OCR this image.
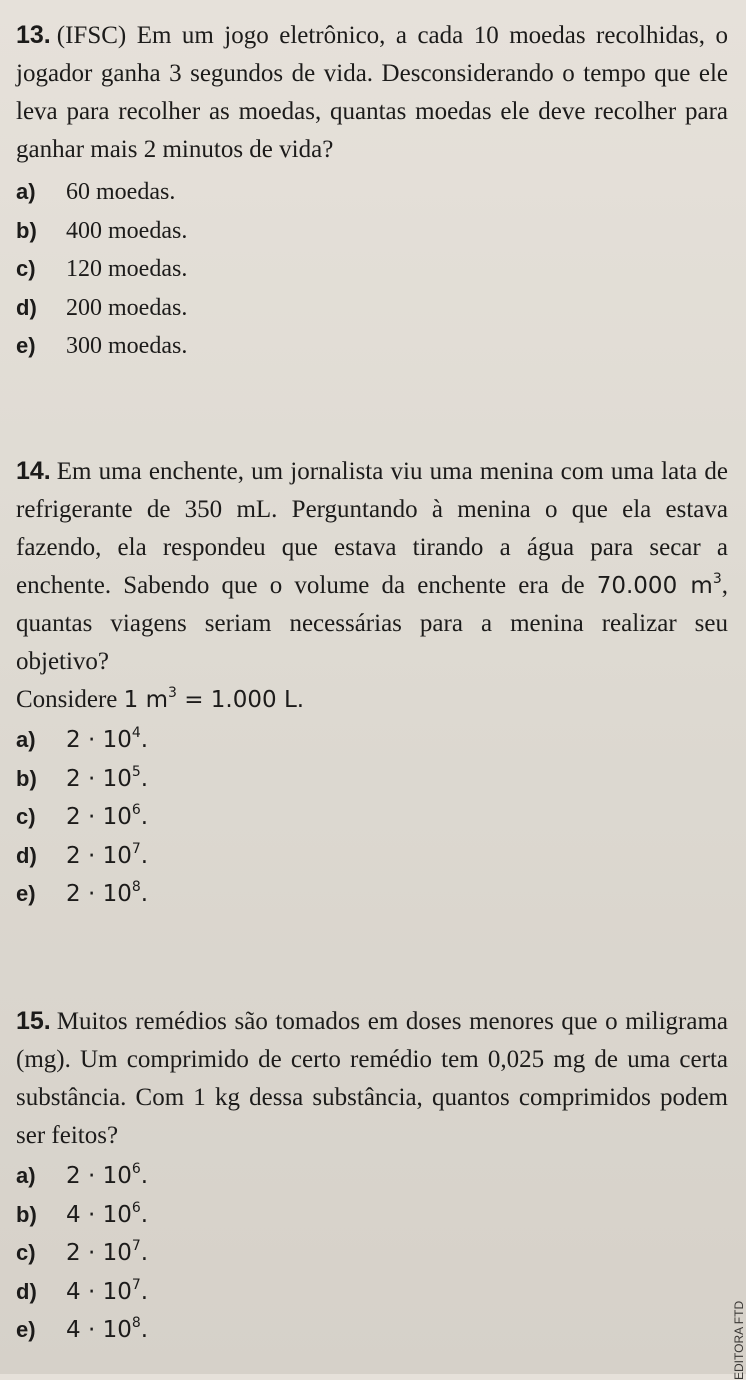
13. (IFSC) Em um jogo eletrônico, a cada 10 moedas recolhidas, o jogador ganha 3 segundos de vida. Desconsiderando o tempo que ele leva para recolher as moedas, quantas moedas ele deve recolher para ganhar mais 2 minutos de vida?

a)	60 moedas.
b)	400 moedas.
c)	120 moedas.
d)	200 moedas.
e)	300 moedas.

14. Em uma enchente, um jornalista viu uma menina com uma lata de refrigerante de 350 mL. Perguntando à menina o que ela estava fazendo, ela respondeu que estava tirando a água para secar a enchente. Sabendo que o volume da enchente era de 70.000 $m^3$, quantas viagens seriam necessárias para a menina realizar seu objetivo?

Considere 1 $m^3 = 1.000$ L.

a)	$2 \cdot 10^4$.
b)	$2 \cdot 10^5$.
c)	$2 \cdot 10^6$.
d)	$2 \cdot 10^7$.
e)	$2 \cdot 10^8$.

15. Muitos remédios são tomados em doses menores que o miligrama (mg). Um comprimido de certo remédio tem 0,025 mg de uma certa substância. Com 1 kg dessa substância, quantos comprimidos podem ser feitos?

a)	$2 \cdot 10^6$.
b)	$4 \cdot 10^6$.
c)	$2 \cdot 10^7$.
d)	$4 \cdot 10^7$.
e)	$4 \cdot 10^8$.	EDITORA FTD
